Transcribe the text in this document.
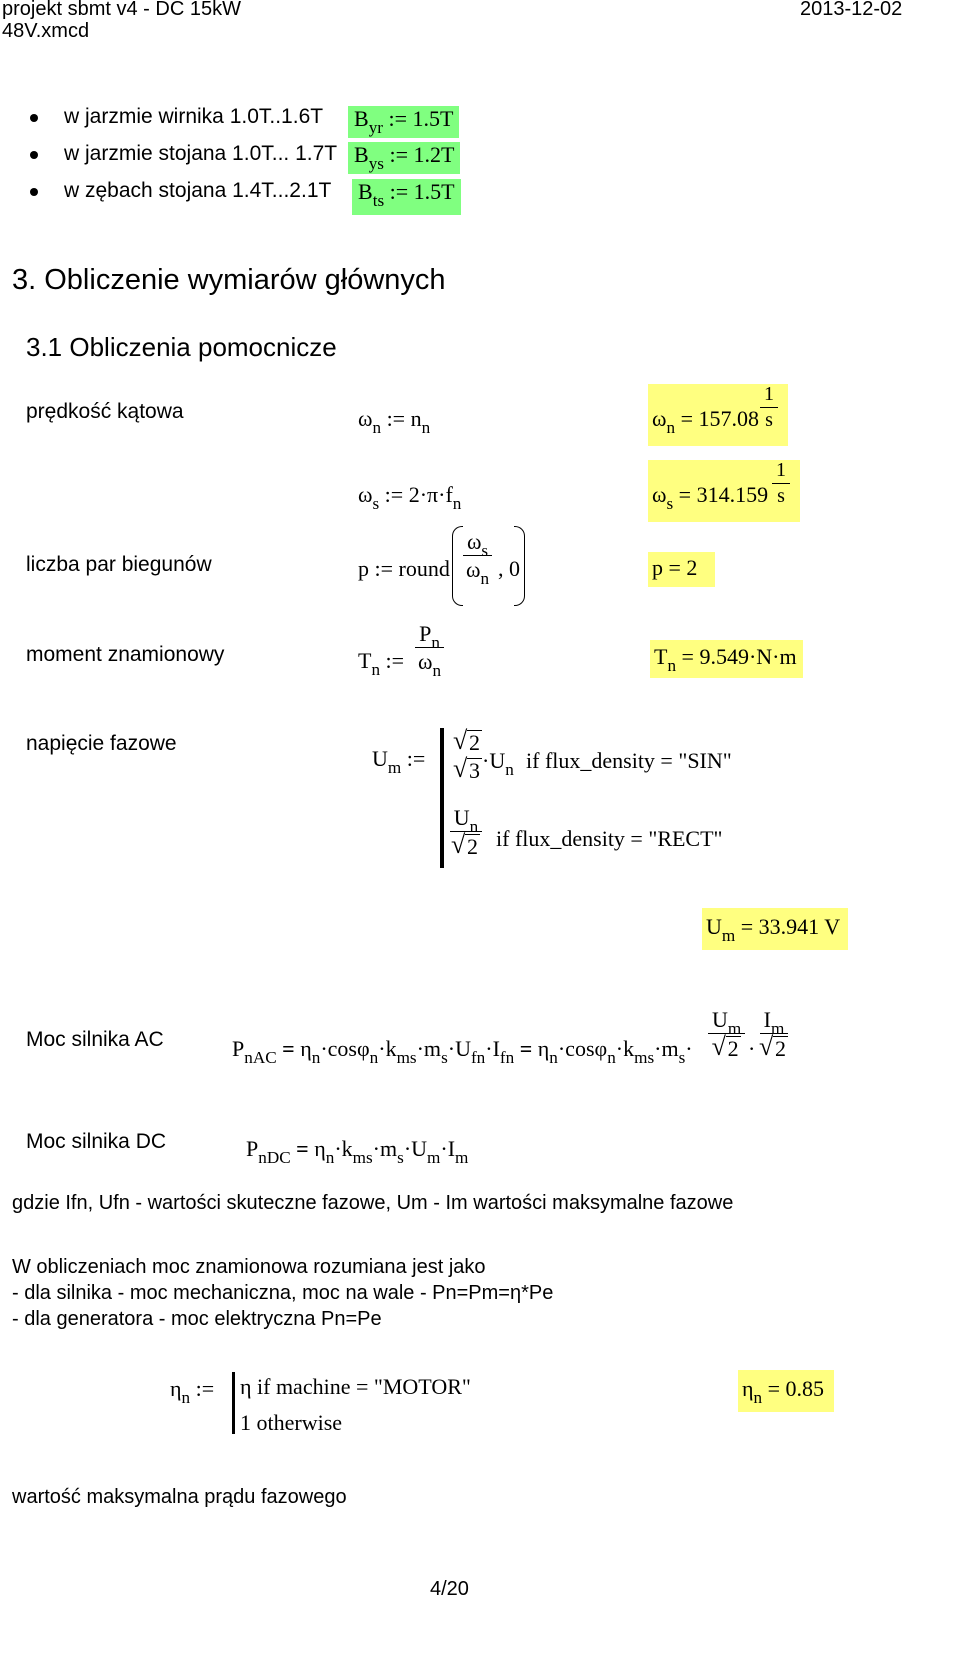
projekt sbmt v4 - DC 15kW
48V.xmcd
2013-12-02
w jarzmie wirnika 1.0T..1.6T $B_{yr}$ := 1.5T
w jarzmie stojana 1.0T... 1.7T $B_{ys}$ := 1.2T
w zębach stojana 1.4T...2.1T $B_{ts}$ := 1.5T
3. Obliczenie wymiarów głównych
3.1 Obliczenia pomocnicze
prędkość kątowa	$\omega_n$ := $n_n$	$\omega_n = 157.08 \frac{1}{s}$
$\omega_s$ := $2\cdot\pi\cdot f_n$	$\omega_s = 314.159 \frac{1}{s}$
liczba par biegunów	p := round $\frac{\omega_s}{\omega_n}$ , 0	p = 2
moment znamionowy	$T_n$ := $\frac{P_n}{\omega_n}$	$T_n = 9.549\cdot N\cdot m$
napięcie fazowe
$U_m$ :=
√ 2
√ $3 \cdot U_n$ if flux_density = "SIN"
$U_n$
√ 2 if flux_density = "RECT"
$U_m = 33.941$ V
Moc silnika AC	$P_{nAC} = \eta_n\cdot\cos\varphi_n\cdot k_{ms}\cdot m_s\cdot U_{fn}\cdot I_{fn} = \eta_n\cdot\cos\varphi_n\cdot k_{ms}\cdot m_s\cdot U_m$
√ $2 \cdot I_m$
√ 2
Moc silnika DC	$P_{nDC} = \eta_n\cdot k_{ms}\cdot m_s\cdot U_m\cdot I_m$
gdzie Ifn, Ufn - wartości skuteczne fazowe, Um - Im wartości maksymalne fazowe
W obliczeniach moc znamionowa rozumiana jest jako
- dla silnika - moc mechaniczna, moc na wale - Pn=Pm=η*Pe
- dla generatora - moc elektryczna Pn=Pe
$\eta_n$ := η if machine = "MOTOR"
1 otherwise
$\eta_n = 0.85$
wartość maksymalna prądu fazowego
4/20
